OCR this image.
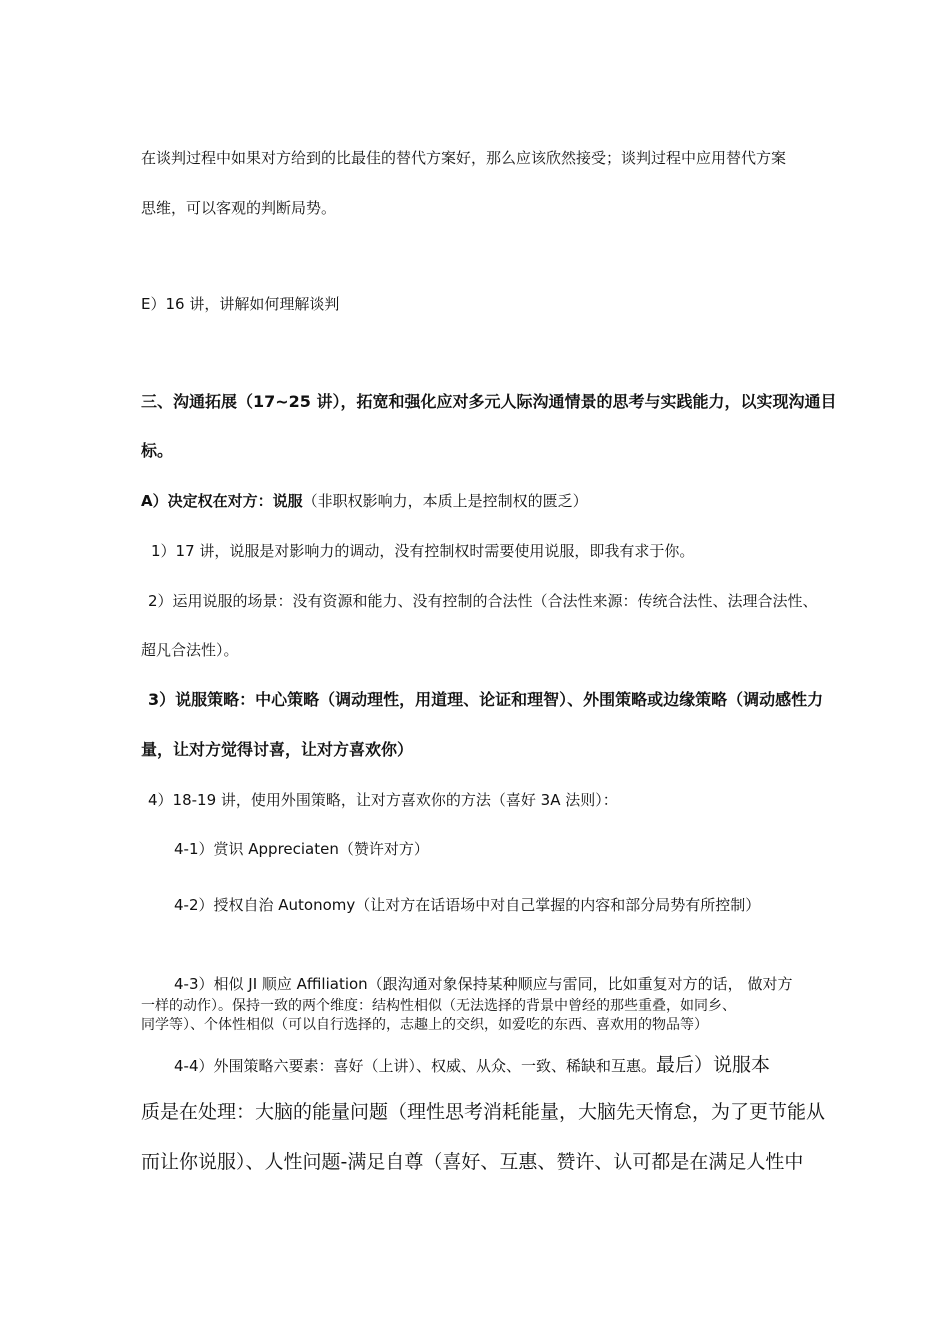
在谈判过程中如果对方给到的比最佳的替代方案好，那么应该欣然接受；谈判过程中应用替代方案
思维，可以客观的判断局势。
E）16 讲，讲解如何理解谈判
三、沟通拓展（17~25 讲），拓宽和强化应对多元人际沟通情景的思考与实践能力，以实现沟通目
标。
A）决定权在对方：说服（非职权影响力，本质上是控制权的匮乏）
1）17 讲，说服是对影响力的调动，没有控制权时需要使用说服，即我有求于你。
2）运用说服的场景：没有资源和能力、没有控制的合法性（合法性来源：传统合法性、法理合法性、
超凡合法性）。
3）说服策略：中心策略（调动理性，用道理、论证和理智）、外围策略或边缘策略（调动感性力
量，让对方觉得讨喜，让对方喜欢你）
4）18-19 讲，使用外围策略，让对方喜欢你的方法（喜好 3A 法则）：
4-1）赏识 Appreciaten（赞许对方）
4-2）授权自治 Autonomy（让对方在话语场中对自己掌握的内容和部分局势有所控制）
4-3）相似 JI 顺应 Affiliation（跟沟通对象保持某种顺应与雷同，比如重复对方的话， 做对方
一样的动作）。保持一致的两个维度：结构性相似（无法选择的背景中曾经的那些重叠，如同乡、
同学等）、个体性相似（可以自行选择的，志趣上的交织，如爱吃的东西、喜欢用的物品等）
4-4）外围策略六要素：喜好（上讲）、权威、从众、一致、稀缺和互惠。最后）说服本
质是在处理：大脑的能量问题（理性思考消耗能量，大脑先天惰怠，为了更节能从
而让你说服）、人性问题-满足自尊（喜好、互惠、赞许、认可都是在满足人性中
